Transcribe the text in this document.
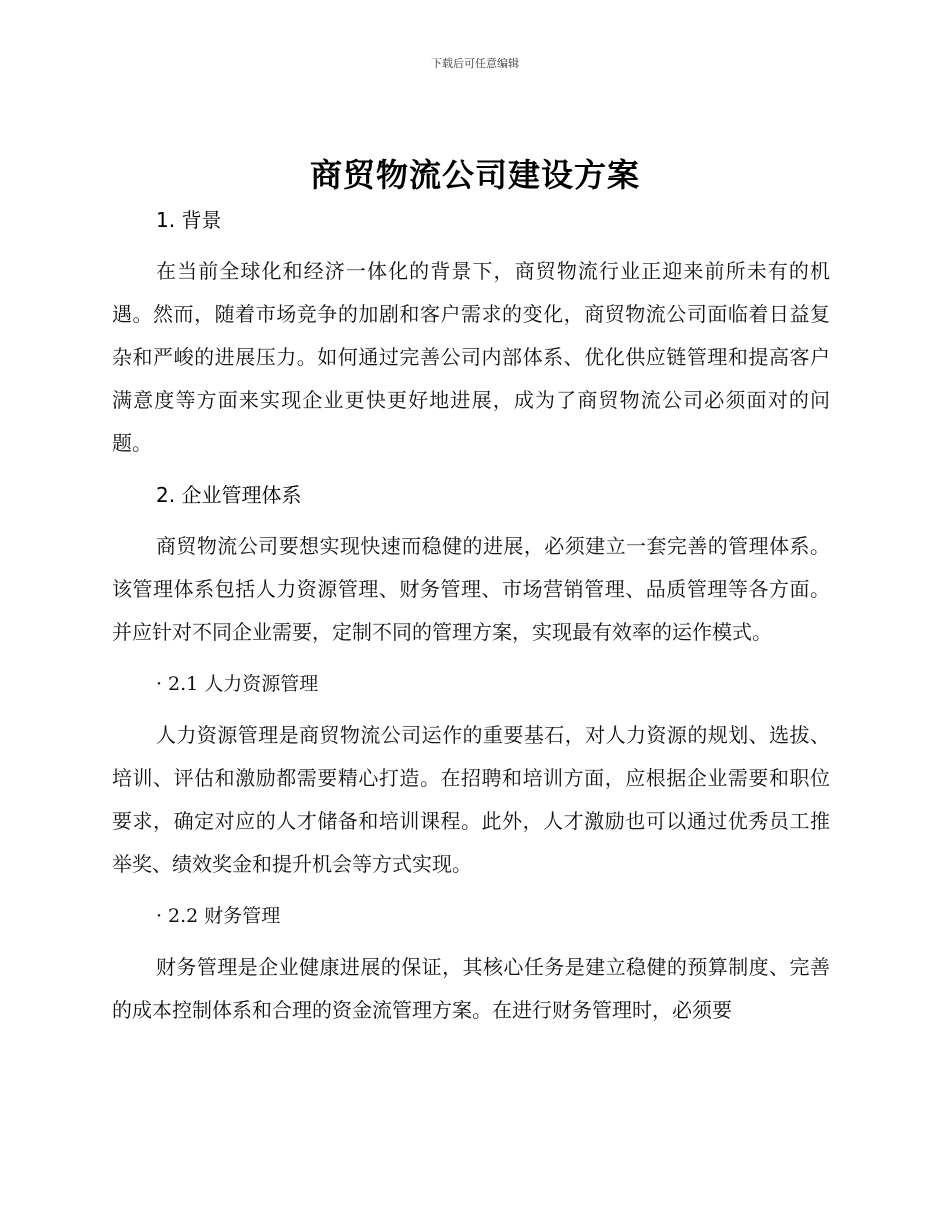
下载后可任意编辑
商贸物流公司建设方案
1. 背景
在当前全球化和经济一体化的背景下，商贸物流行业正迎来前所未有的机遇。然而，随着市场竞争的加剧和客户需求的变化，商贸物流公司面临着日益复杂和严峻的进展压力。如何通过完善公司内部体系、优化供应链管理和提高客户满意度等方面来实现企业更快更好地进展，成为了商贸物流公司必须面对的问题。
2. 企业管理体系
商贸物流公司要想实现快速而稳健的进展，必须建立一套完善的管理体系。该管理体系包括人力资源管理、财务管理、市场营销管理、品质管理等各方面。并应针对不同企业需要，定制不同的管理方案，实现最有效率的运作模式。
· 2.1 人力资源管理
人力资源管理是商贸物流公司运作的重要基石，对人力资源的规划、选拔、培训、评估和激励都需要精心打造。在招聘和培训方面，应根据企业需要和职位要求，确定对应的人才储备和培训课程。此外，人才激励也可以通过优秀员工推举奖、绩效奖金和提升机会等方式实现。
· 2.2 财务管理
财务管理是企业健康进展的保证，其核心任务是建立稳健的预算制度、完善的成本控制体系和合理的资金流管理方案。在进行财务管理时，必须要
